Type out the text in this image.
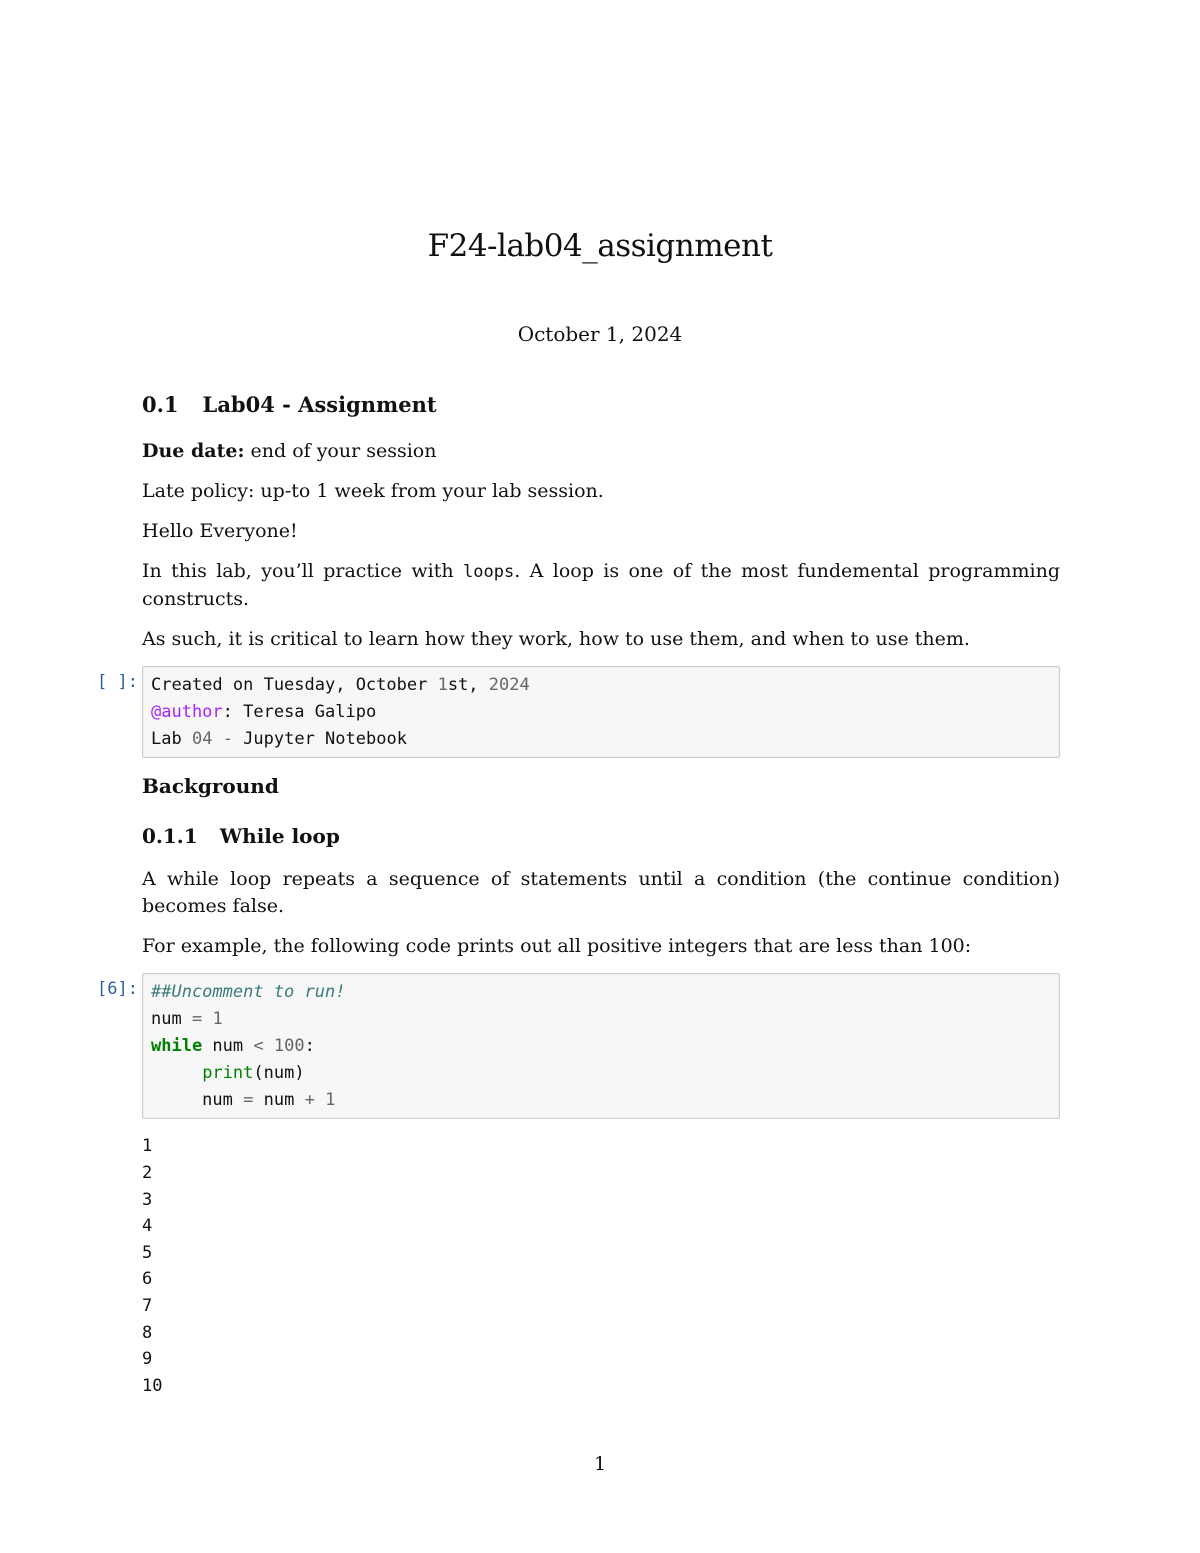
F24-lab04_assignment
October 1, 2024
0.1 Lab04 - Assignment

Due date: end of your session

Late policy: up-to 1 week from your lab session.

Hello Everyone!

In this lab, you’ll practice with loops. A loop is one of the most fundemental programming constructs.

As such, it is critical to learn how they work, how to use them, and when to use them.

[ ]: Created on Tuesday, October 1st, 2024
@author: Teresa Galipo
Lab 04 - Jupyter Notebook
Background
0.1.1 While loop

A while loop repeats a sequence of statements until a condition (the continue condition) becomes false.

For example, the following code prints out all positive integers that are less than 100:

[6]: ##Uncomment to run!
num = 1
while num < 100:
print(num)
num = num + 1
1
2
3
4
5
6
7
8
9
10
1
